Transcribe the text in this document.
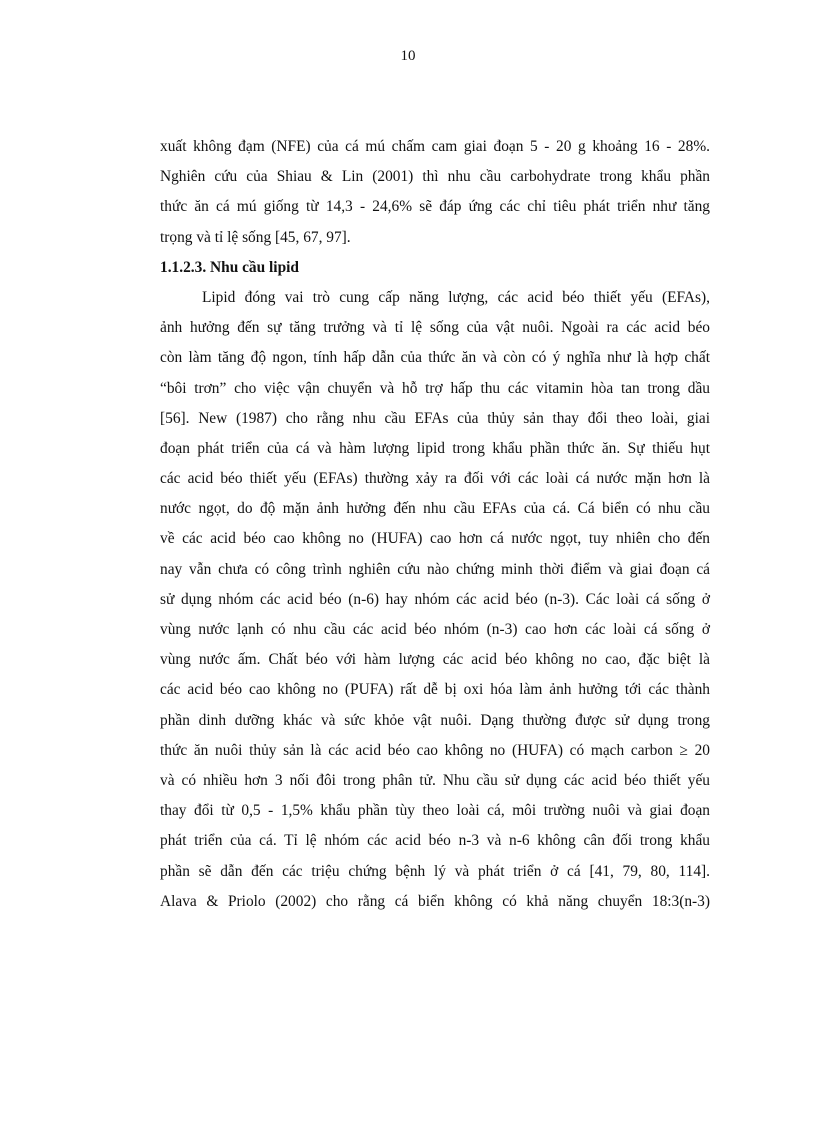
10
xuất không đạm (NFE) của cá mú chấm cam giai đoạn 5 - 20 g khoảng 16 - 28%.
Nghiên cứu của Shiau & Lin (2001) thì nhu cầu carbohydrate trong khẩu phần
thức ăn cá mú giống từ 14,3 - 24,6% sẽ đáp ứng các chỉ tiêu phát triển như tăng
trọng và tỉ lệ sống [45, 67, 97].
1.1.2.3. Nhu cầu lipid
Lipid đóng vai trò cung cấp năng lượng, các acid béo thiết yếu (EFAs),
ảnh hưởng đến sự tăng trưởng và tỉ lệ sống của vật nuôi. Ngoài ra các acid béo
còn làm tăng độ ngon, tính hấp dẫn của thức ăn và còn có ý nghĩa như là hợp chất
“bôi trơn” cho việc vận chuyển và hỗ trợ hấp thu các vitamin hòa tan trong dầu
[56]. New (1987) cho rằng nhu cầu EFAs của thủy sản thay đổi theo loài, giai
đoạn phát triển của cá và hàm lượng lipid trong khẩu phần thức ăn. Sự thiếu hụt
các acid béo thiết yếu (EFAs) thường xảy ra đối với các loài cá nước mặn hơn là
nước ngọt, do độ mặn ảnh hưởng đến nhu cầu EFAs của cá. Cá biển có nhu cầu
về các acid béo cao không no (HUFA) cao hơn cá nước ngọt, tuy nhiên cho đến
nay vẫn chưa có công trình nghiên cứu nào chứng minh thời điểm và giai đoạn cá
sử dụng nhóm các acid béo (n-6) hay nhóm các acid béo (n-3). Các loài cá sống ở
vùng nước lạnh có nhu cầu các acid béo nhóm (n-3) cao hơn các loài cá sống ở
vùng nước ấm. Chất béo với hàm lượng các acid béo không no cao, đặc biệt là
các acid béo cao không no (PUFA) rất dễ bị oxi hóa làm ảnh hưởng tới các thành
phần dinh dưỡng khác và sức khỏe vật nuôi. Dạng thường được sử dụng trong
thức ăn nuôi thủy sản là các acid béo cao không no (HUFA) có mạch carbon ≥ 20
và có nhiều hơn 3 nối đôi trong phân tử. Nhu cầu sử dụng các acid béo thiết yếu
thay đổi từ 0,5 - 1,5% khẩu phần tùy theo loài cá, môi trường nuôi và giai đoạn
phát triển của cá. Tỉ lệ nhóm các acid béo n-3 và n-6 không cân đối trong khẩu
phần sẽ dẫn đến các triệu chứng bệnh lý và phát triển ở cá [41, 79, 80, 114].
Alava & Priolo (2002) cho rằng cá biển không có khả năng chuyển 18:3(n-3)
